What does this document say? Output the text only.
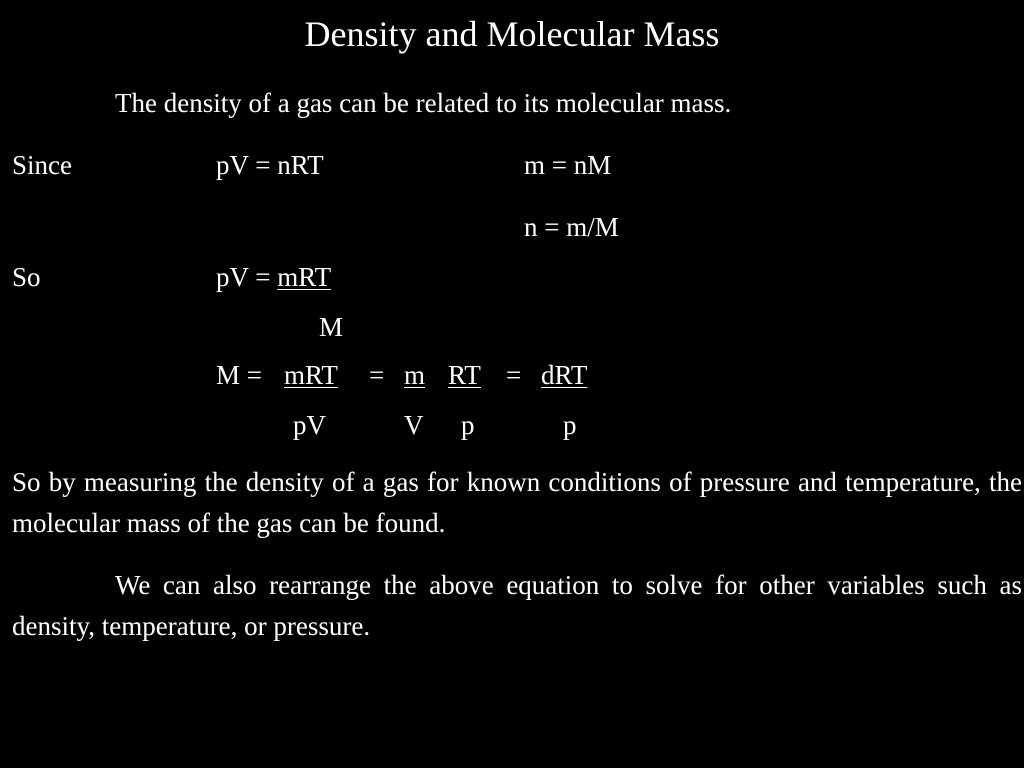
Density and Molecular Mass
The density of a gas can be related to its molecular mass.
Since	pV = nRT	m = nM
n = m/M
So	pV = mRT
M
M = mRT = m RT = dRT
pV	V p	p
So by measuring the density of a gas for known conditions of pressure and temperature, the molecular mass of the gas can be found.
We can also rearrange the above equation to solve for other variables such as density, temperature, or pressure.
